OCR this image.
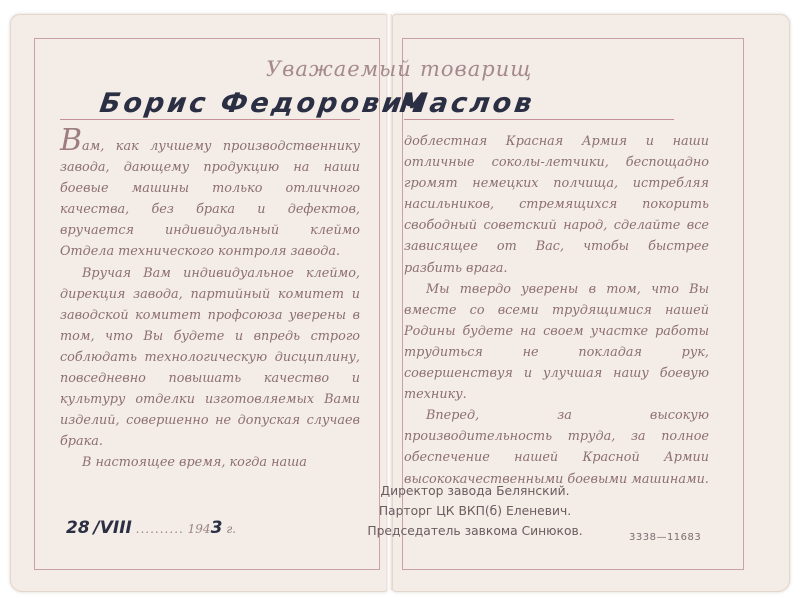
Уважаемый товарищ
Борис Федорович
Маслов

Вам, как лучшему производственнику завода, дающему продукцию на наши боевые машины только отличного качества, без брака и дефектов, вручается индивидуальный клеймо Отдела технического контроля завода.

Вручая Вам индивидуальное клеймо, дирекция завода, партийный комитет и заводской комитет профсоюза уверены в том, что Вы будете и впредь строго соблюдать технологическую дисциплину, повседневно повышать качество и культуру отделки изготовляемых Вами изделий, совершенно не допуская случаев брака.

В настоящее время, когда наша

доблестная Красная Армия и наши отличные соколы-летчики, беспощадно громят немецких полчища, истребляя насильников, стремящихся покорить свободный советский народ, сделайте все зависящее от Вас, чтобы быстрее разбить врага.

Мы твердо уверены в том, что Вы вместе со всеми трудящимися нашей Родины будете на своем участке работы трудиться не покладая рук, совершенствуя и улучшая нашу боевую технику.

Вперед, за высокую производительность труда, за полное обеспечение нашей Красной Армии высококачественными боевыми машинами.

Директор завода Белянский.
Парторг ЦК ВКП(б) Еленевич.
Председатель завкома Синюков.
28 /VIII .......... 1943 г.
3338—11683
